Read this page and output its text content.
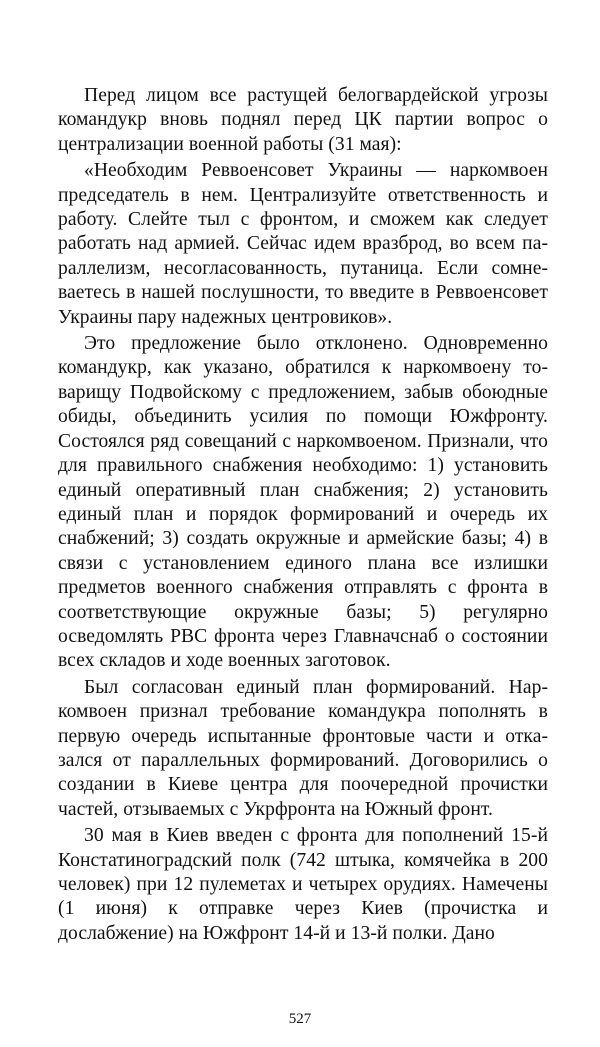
Перед лицом все растущей белогвардейской угрозы командукр вновь поднял перед ЦК партии вопрос о централизации военной работы (31 мая):

«Необходим Реввоенсовет Украины — наркомвоен председатель в нем. Централизуйте ответственность и работу. Слейте тыл с фронтом, и сможем как следует работать над армией. Сейчас идем вразброд, во всем параллелизм, несогласованность, путаница. Если сомневаетесь в нашей послушности, то введите в Реввоенсовет Украины пару надежных центровиков».

Это предложение было отклонено. Одновременно командукр, как указано, обратился к наркомвоену товарищу Подвойскому с предложением, забыв обоюдные обиды, объединить усилия по помощи Южфронту. Состоялся ряд совещаний с наркомвоеном. Признали, что для правильного снабжения необходимо: 1) установить единый оперативный план снабжения; 2) установить единый план и порядок формирований и очередь их снабжений; 3) создать окружные и армейские базы; 4) в связи с установлением единого плана все излишки предметов военного снабжения отправлять с фронта в соответствующие окружные базы; 5) регулярно осведомлять РВС фронта через Главначснаб о состоянии всех складов и ходе военных заготовок.

Был согласован единый план формирований. Наркомвоен признал требование командукра пополнять в первую очередь испытанные фронтовые части и отказался от параллельных формирований. Договорились о создании в Киеве центра для поочередной прочистки частей, отзываемых с Укрфронта на Южный фронт.

30 мая в Киев введен с фронта для пополнений 15-й Констатиноградский полк (742 штыка, комячейка в 200 человек) при 12 пулеметах и четырех орудиях. Намечены (1 июня) к отправке через Киев (прочистка и дослабжение) на Южфронт 14-й и 13-й полки. Дано

527
